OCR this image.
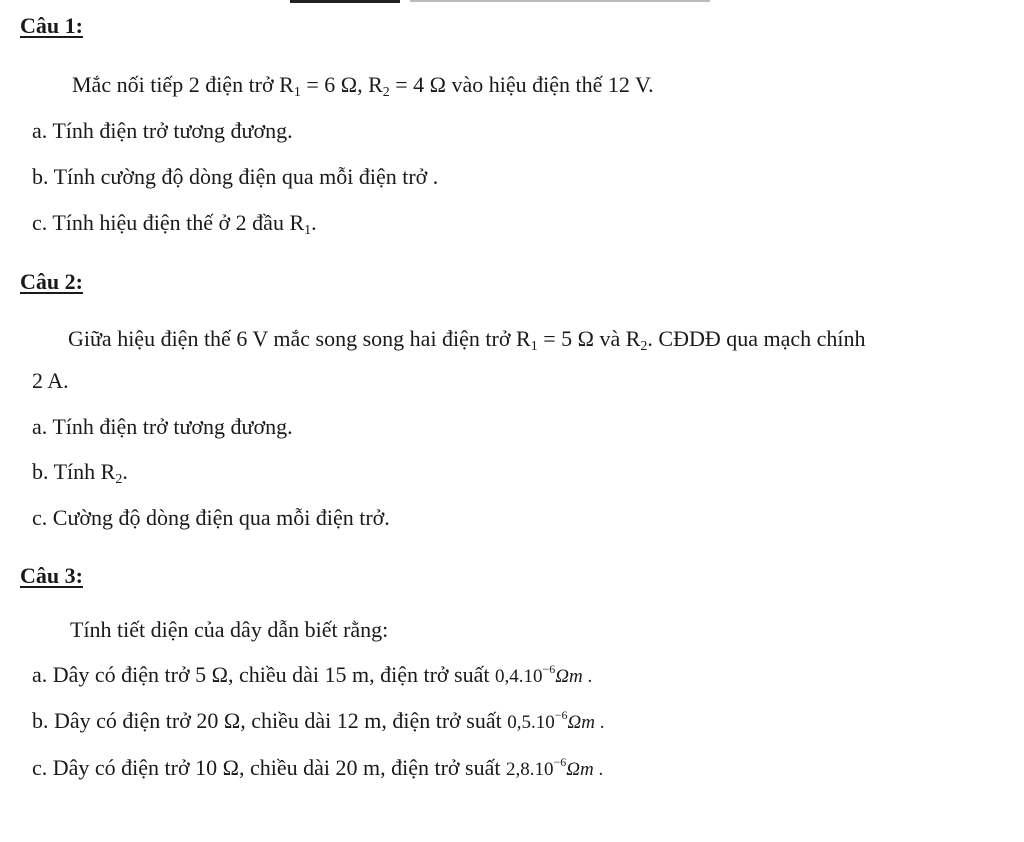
Câu 1:
Mắc nối tiếp 2 điện trở $R_1 = 6$ Ω, $R_2 = 4$ Ω vào hiệu điện thế 12 V.
a. Tính điện trở tương đương.
b. Tính cường độ dòng điện qua mỗi điện trở .
c. Tính hiệu điện thế ở 2 đầu $R_1$.
Câu 2:
Giữa hiệu điện thế 6 V mắc song song hai điện trở $R_1 = 5$ Ω và $R_2$. CĐDĐ qua mạch chính
2 A.
a. Tính điện trở tương đương.
b. Tính $R_2$.
c. Cường độ dòng điện qua mỗi điện trở.
Câu 3:
Tính tiết diện của dây dẫn biết rằng:
a. Dây có điện trở 5 Ω, chiều dài 15 m, điện trở suất $0,4.10^{-6}\Omega m$ .
b. Dây có điện trở 20 Ω, chiều dài 12 m, điện trở suất $0,5.10^{-6}\Omega m$ .
c. Dây có điện trở 10 Ω, chiều dài 20 m, điện trở suất $2,8.10^{-6}\Omega m$ .
